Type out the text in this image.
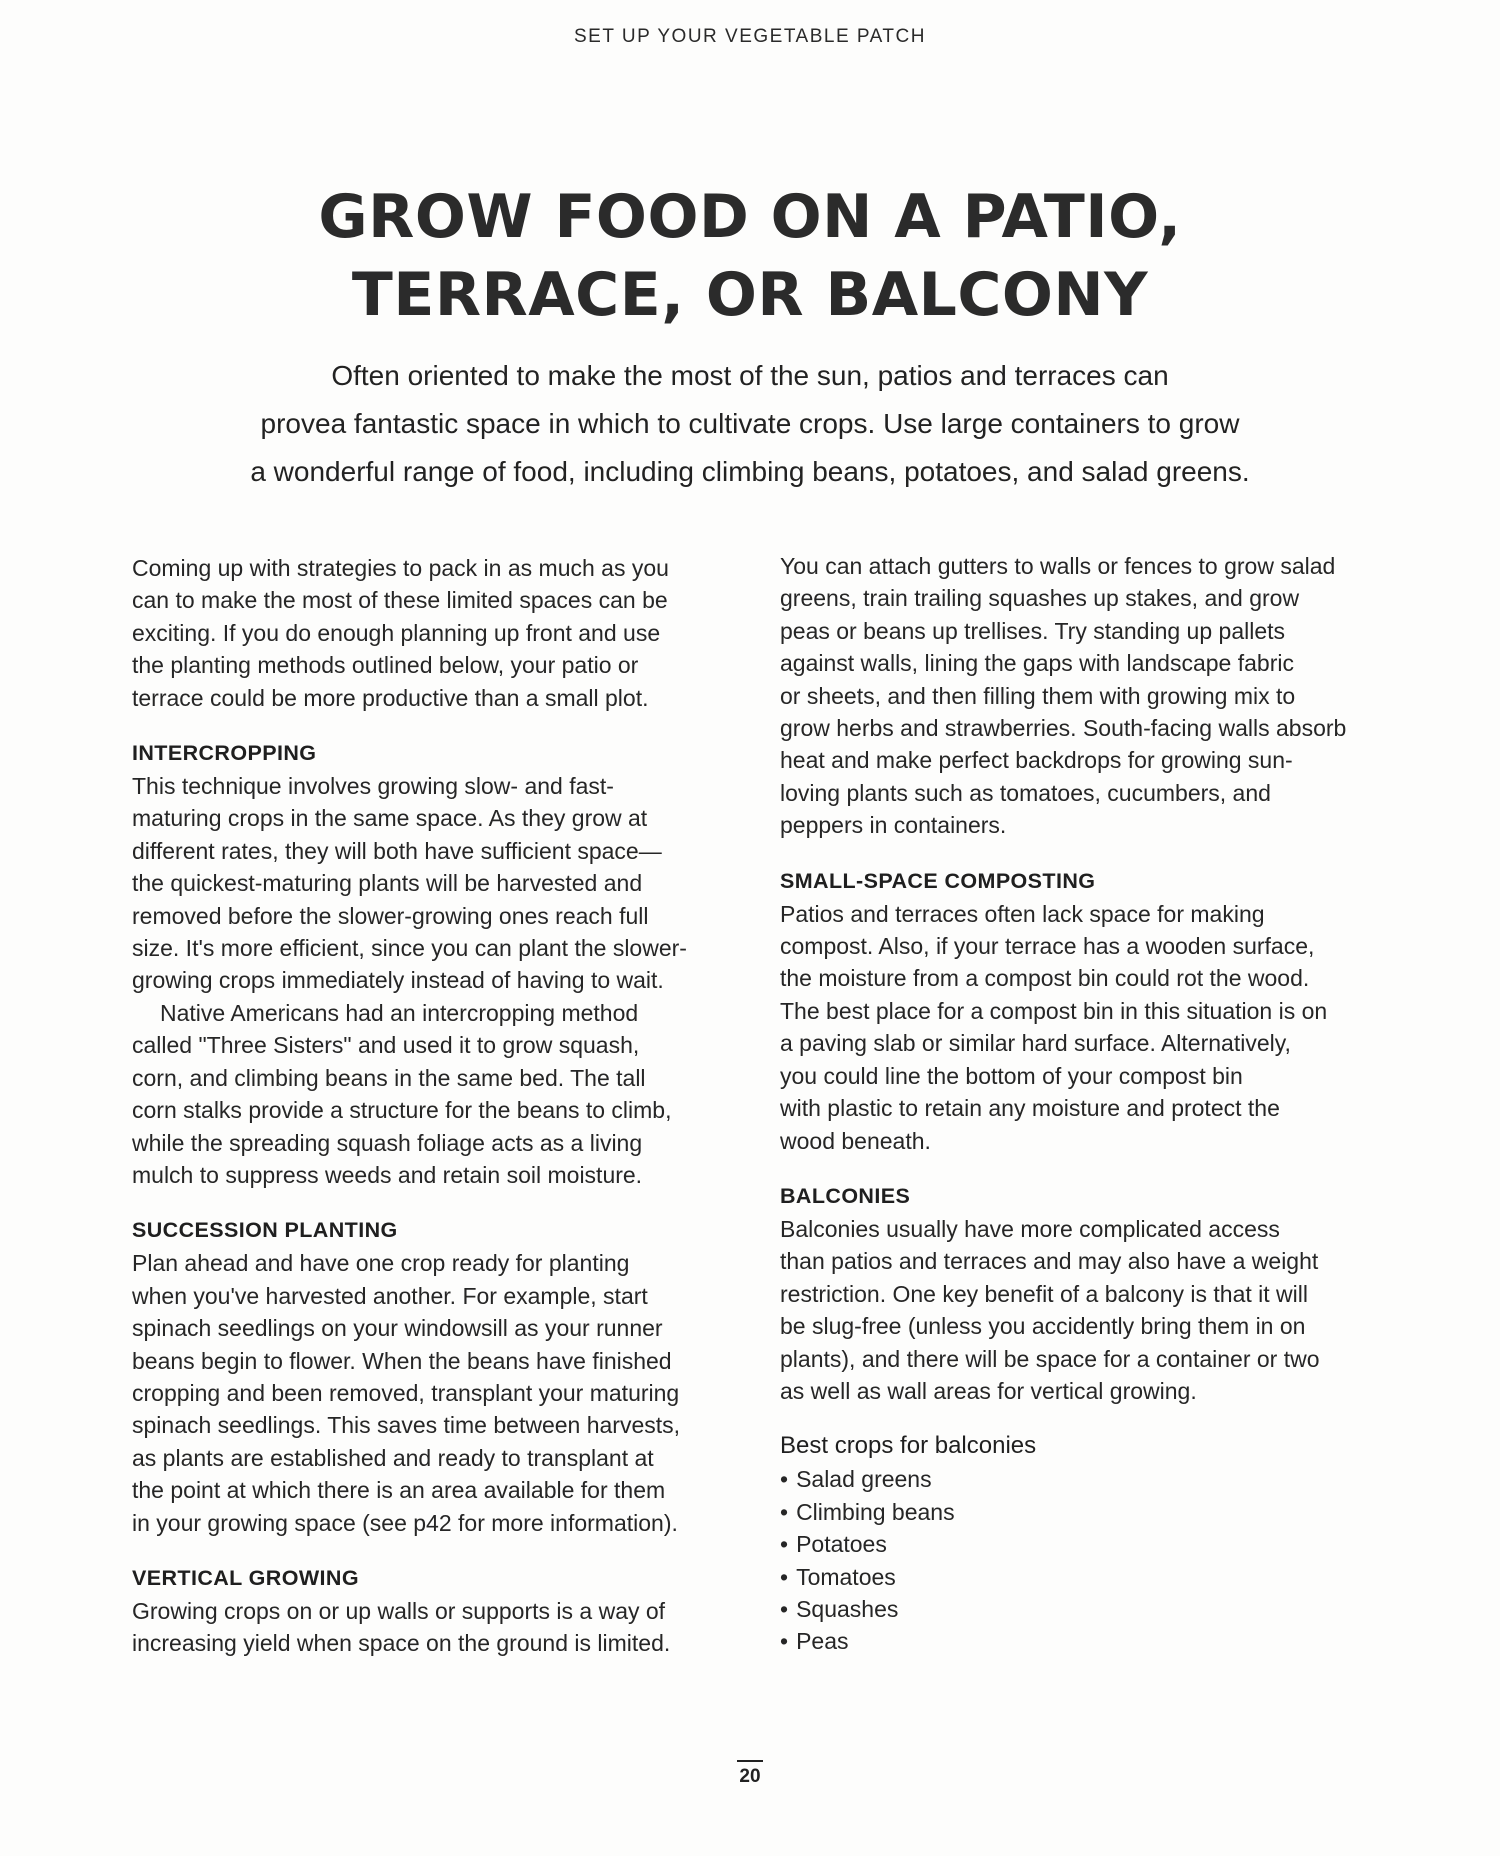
SET UP YOUR VEGETABLE PATCH
GROW FOOD ON A PATIO,
TERRACE, OR BALCONY
Often oriented to make the most of the sun, patios and terraces can
provea fantastic space in which to cultivate crops. Use large containers to grow
a wonderful range of food, including climbing beans, potatoes, and salad greens.

Coming up with strategies to pack in as much as you
can to make the most of these limited spaces can be
exciting. If you do enough planning up front and use
the planting methods outlined below, your patio or
terrace could be more productive than a small plot.

INTERCROPPING

This technique involves growing slow- and fast-
maturing crops in the same space. As they grow at
different rates, they will both have sufficient space—
the quickest-maturing plants will be harvested and
removed before the slower-growing ones reach full
size. It's more efficient, since you can plant the slower-
growing crops immediately instead of having to wait.

Native Americans had an intercropping method
called "Three Sisters" and used it to grow squash,
corn, and climbing beans in the same bed. The tall
corn stalks provide a structure for the beans to climb,
while the spreading squash foliage acts as a living
mulch to suppress weeds and retain soil moisture.

SUCCESSION PLANTING

Plan ahead and have one crop ready for planting
when you've harvested another. For example, start
spinach seedlings on your windowsill as your runner
beans begin to flower. When the beans have finished
cropping and been removed, transplant your maturing
spinach seedlings. This saves time between harvests,
as plants are established and ready to transplant at
the point at which there is an area available for them
in your growing space (see p42 for more information).

VERTICAL GROWING

Growing crops on or up walls or supports is a way of
increasing yield when space on the ground is limited.

You can attach gutters to walls or fences to grow salad
greens, train trailing squashes up stakes, and grow
peas or beans up trellises. Try standing up pallets
against walls, lining the gaps with landscape fabric
or sheets, and then filling them with growing mix to
grow herbs and strawberries. South-facing walls absorb
heat and make perfect backdrops for growing sun-
loving plants such as tomatoes, cucumbers, and
peppers in containers.

SMALL-SPACE COMPOSTING

Patios and terraces often lack space for making
compost. Also, if your terrace has a wooden surface,
the moisture from a compost bin could rot the wood.
The best place for a compost bin in this situation is on
a paving slab or similar hard surface. Alternatively,
you could line the bottom of your compost bin
with plastic to retain any moisture and protect the
wood beneath.

BALCONIES

Balconies usually have more complicated access
than patios and terraces and may also have a weight
restriction. One key benefit of a balcony is that it will
be slug-free (unless you accidently bring them in on
plants), and there will be space for a container or two
as well as wall areas for vertical growing.

Best crops for balconies
• Salad greens
• Climbing beans
• Potatoes
• Tomatoes
• Squashes
• Peas
20
